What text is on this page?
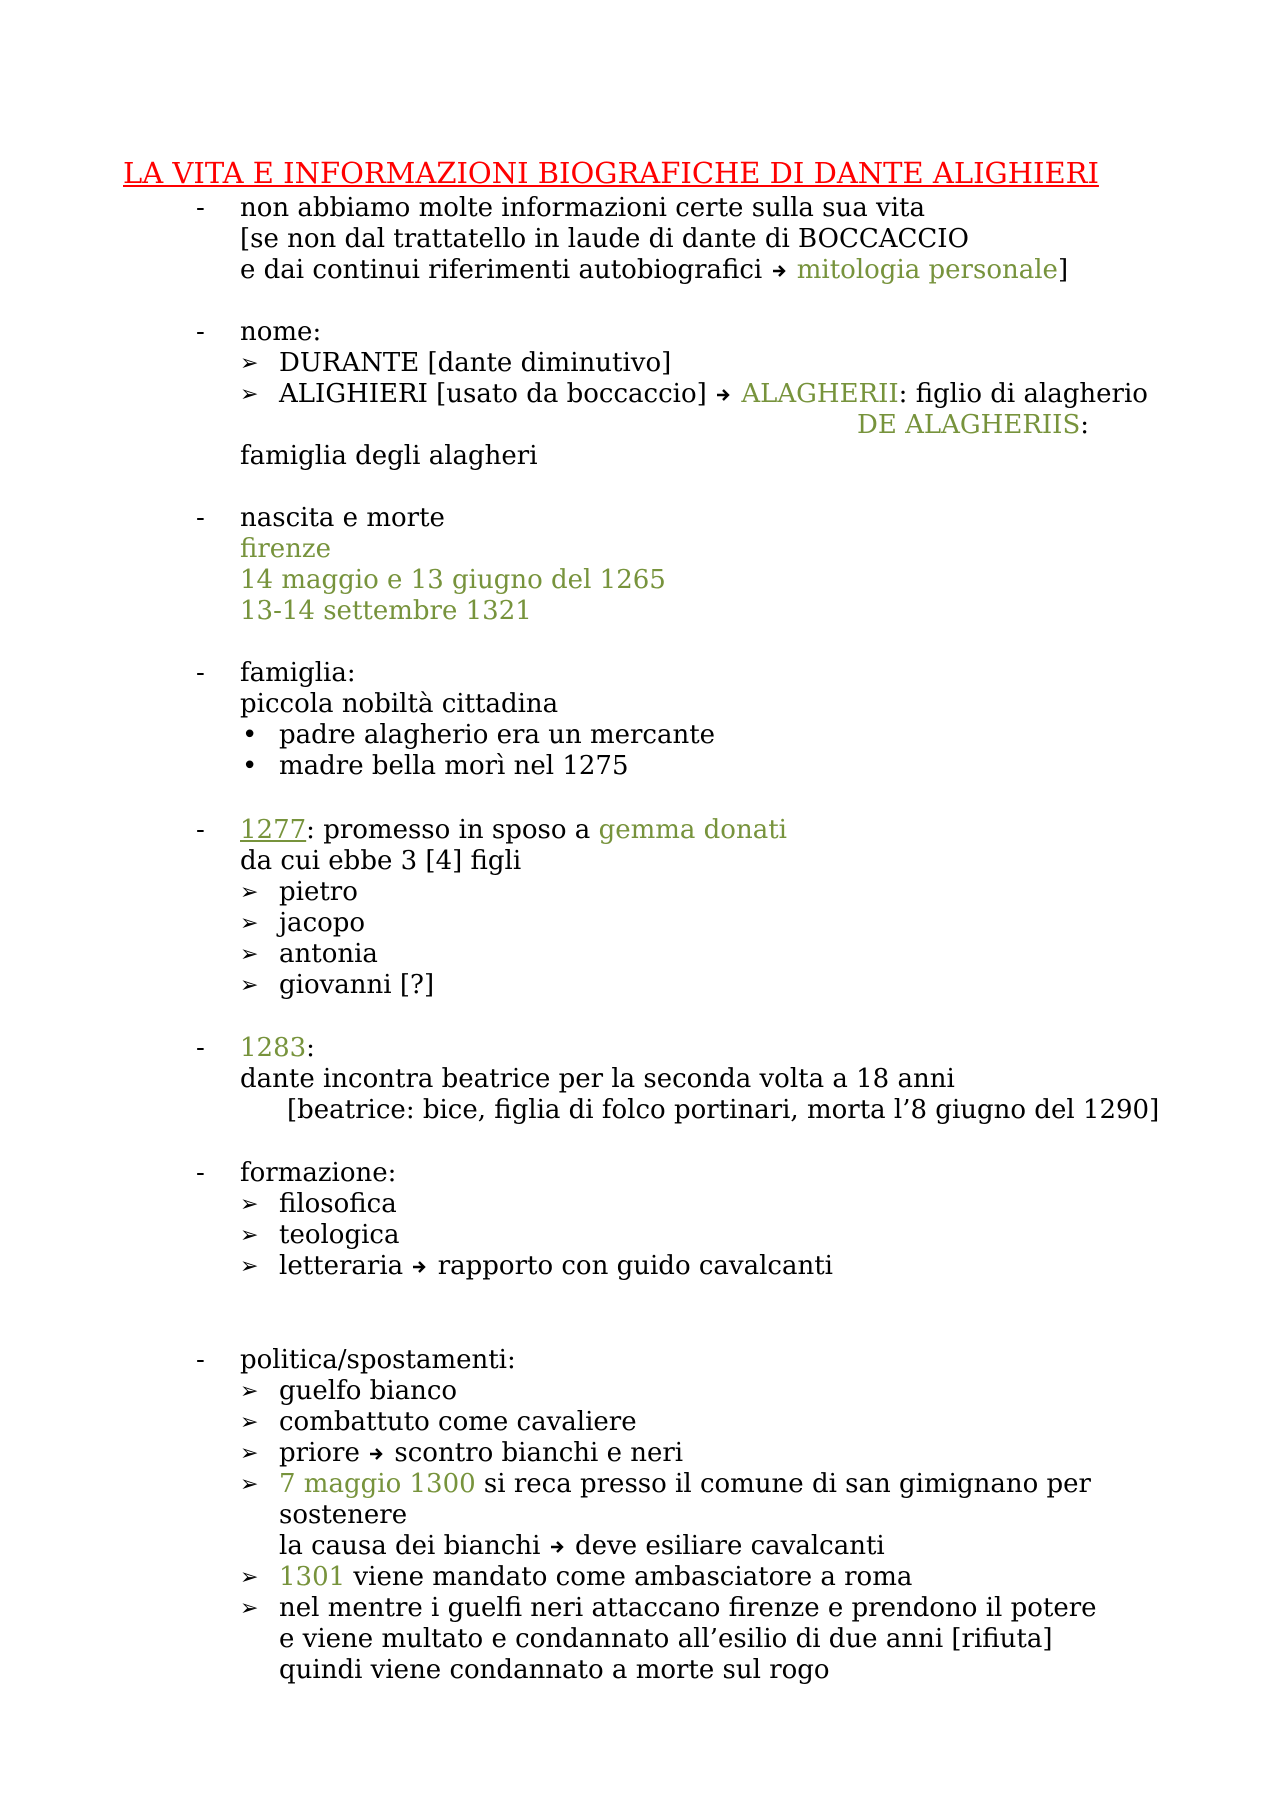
LA VITA E INFORMAZIONI BIOGRAFICHE DI DANTE ALIGHIERI
- non abbiamo molte informazioni certe sulla sua vita
[se non dal trattatello in laude di dante di BOCCACCIO
e dai continui riferimenti autobiografici mitologia personale]
- nome:
➢ DURANTE [dante diminutivo]
➢ ALIGHIERI [usato da boccaccio] ALAGHERII: figlio di alagherio
DE ALAGHERIIS:
famiglia degli alagheri
- nascita e morte
firenze
14 maggio e 13 giugno del 1265
13-14 settembre 1321
- famiglia:
piccola nobiltà cittadina
• padre alagherio era un mercante
• madre bella morì nel 1275
- 1277: promesso in sposo a gemma donati
da cui ebbe 3 [4] figli
➢ pietro
➢ jacopo
➢ antonia
➢ giovanni [?]
- 1283:
dante incontra beatrice per la seconda volta a 18 anni
[beatrice: bice, figlia di folco portinari, morta l’8 giugno del 1290]
- formazione:
➢ filosofica
➢ teologica
➢ letteraria rapporto con guido cavalcanti
- politica/spostamenti:
➢ guelfo bianco
➢ combattuto come cavaliere
➢ priore scontro bianchi e neri
➢ 7 maggio 1300 si reca presso il comune di san gimignano per
sostenere
la causa dei bianchi deve esiliare cavalcanti
➢ 1301 viene mandato come ambasciatore a roma
➢ nel mentre i guelfi neri attaccano firenze e prendono il potere
e viene multato e condannato all’esilio di due anni [rifiuta]
quindi viene condannato a morte sul rogo
